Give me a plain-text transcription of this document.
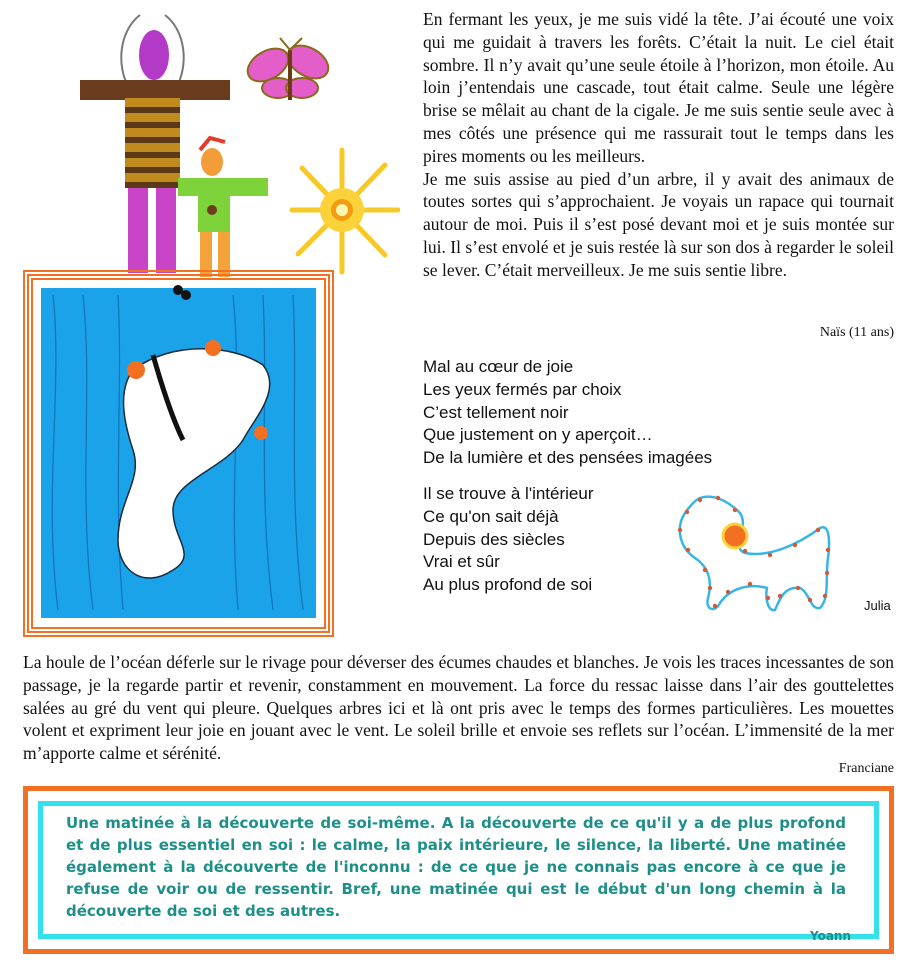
En fermant les yeux, je me suis vidé la tête. J’ai écouté une voix qui me guidait à travers les forêts. C’était la nuit. Le ciel était sombre. Il n’y avait qu’une seule étoile à l’horizon, mon étoile. Au loin j’entendais une cascade, tout était calme. Seule une légère brise se mêlait au chant de la cigale. Je me suis sentie seule avec à mes côtés une présence qui me rassurait tout le temps dans les pires moments ou les meilleurs.

Je me suis assise au pied d’un arbre, il y avait des animaux de toutes sortes qui s’approchaient. Je voyais un rapace qui tournait autour de moi. Puis il s’est posé devant moi et je suis montée sur lui. Il s’est envolé et je suis restée là sur son dos à regarder le soleil se lever. C’était merveilleux. Je me suis sentie libre.

Naïs (11 ans)
Mal au cœur de joie
Les yeux fermés par choix
C’est tellement noir
Que justement on y aperçoit…
De la lumière et des pensées imagées
Il se trouve à l'intérieur
Ce qu'on sait déjà
Depuis des siècles
Vrai et sûr
Au plus profond de soi
Julia

La houle de l’océan déferle sur le rivage pour déverser des écumes chaudes et blanches. Je vois les traces incessantes de son passage, je la regarde partir et revenir, constamment en mouvement. La force du ressac laisse dans l’air des gouttelettes salées au gré du vent qui pleure. Quelques arbres ici et là ont pris avec le temps des formes particulières. Les mouettes volent et expriment leur joie en jouant avec le vent. Le soleil brille et envoie ses reflets sur l’océan. L’immensité de la mer m’apporte calme et sérénité.

Franciane

Une matinée à la découverte de soi-même. A la découverte de ce qu'il y a de plus profond et de plus essentiel en soi : le calme, la paix intérieure, le silence, la liberté. Une matinée également à la découverte de l'inconnu : de ce que je ne connais pas encore à ce que je refuse de voir ou de ressentir. Bref, une matinée qui est le début d'un long chemin à la découverte de soi et des autres.

Yoann
